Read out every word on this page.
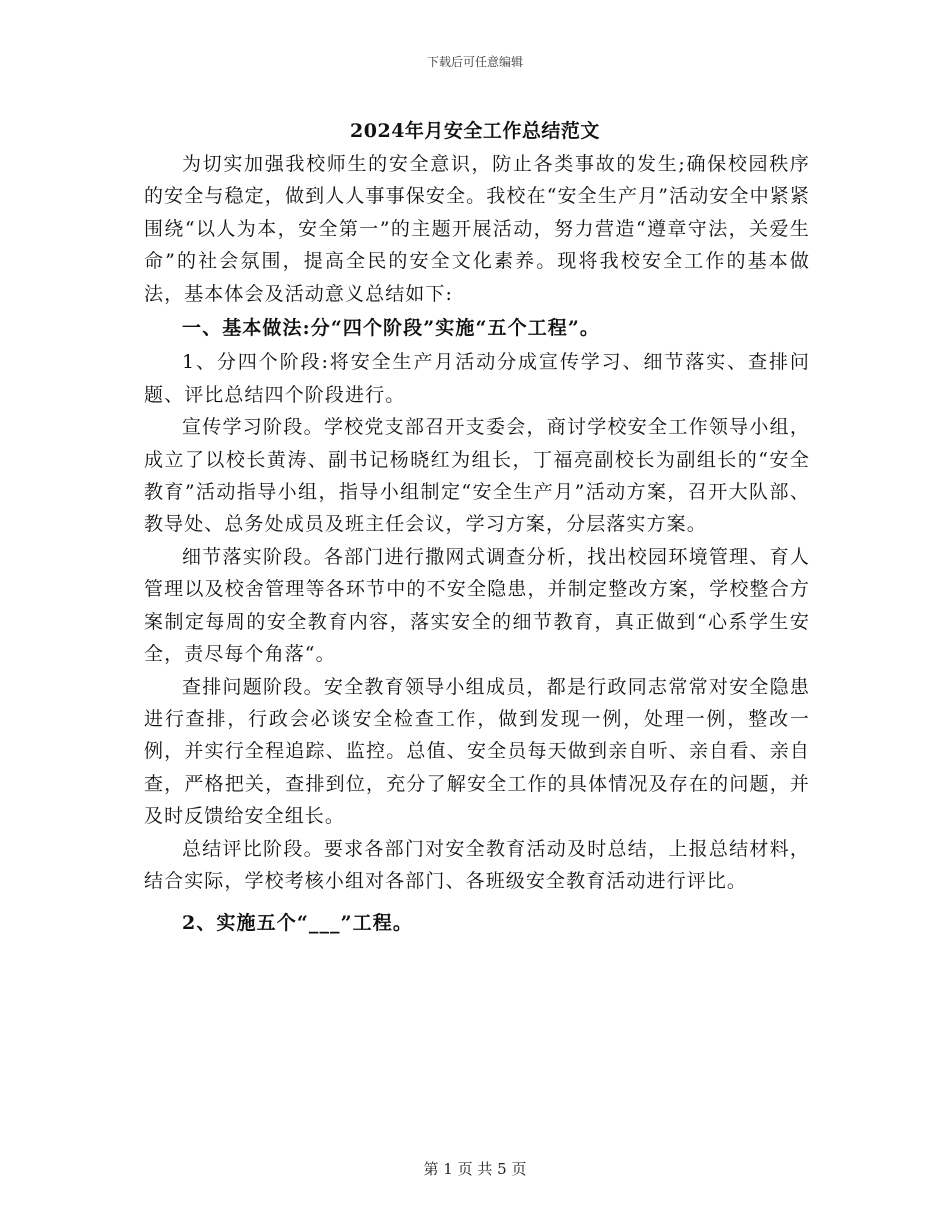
下载后可任意编辑
2024年月安全工作总结范文

为切实加强我校师生的安全意识，防止各类事故的发生;确保校园秩序的安全与稳定，做到人人事事保安全。我校在“安全生产月”活动安全中紧紧围绕“以人为本，安全第一”的主题开展活动，努力营造“遵章守法，关爱生命”的社会氛围，提高全民的安全文化素养。现将我校安全工作的基本做法，基本体会及活动意义总结如下:

一、基本做法:分“四个阶段”实施“五个工程”。

1、分四个阶段:将安全生产月活动分成宣传学习、细节落实、查排问题、评比总结四个阶段进行。

宣传学习阶段。学校党支部召开支委会，商讨学校安全工作领导小组，成立了以校长黄涛、副书记杨晓红为组长，丁福亮副校长为副组长的“安全教育”活动指导小组，指导小组制定“安全生产月”活动方案，召开大队部、教导处、总务处成员及班主任会议，学习方案，分层落实方案。

细节落实阶段。各部门进行撒网式调查分析，找出校园环境管理、育人管理以及校舍管理等各环节中的不安全隐患，并制定整改方案，学校整合方案制定每周的安全教育内容，落实安全的细节教育，真正做到“心系学生安全，责尽每个角落“。

查排问题阶段。安全教育领导小组成员，都是行政同志常常对安全隐患进行查排，行政会必谈安全检查工作，做到发现一例，处理一例，整改一例，并实行全程追踪、监控。总值、安全员每天做到亲自听、亲自看、亲自查，严格把关，查排到位，充分了解安全工作的具体情况及存在的问题，并及时反馈给安全组长。

总结评比阶段。要求各部门对安全教育活动及时总结，上报总结材料，结合实际，学校考核小组对各部门、各班级安全教育活动进行评比。

2、实施五个“___”工程。

第 1 页 共 5 页
